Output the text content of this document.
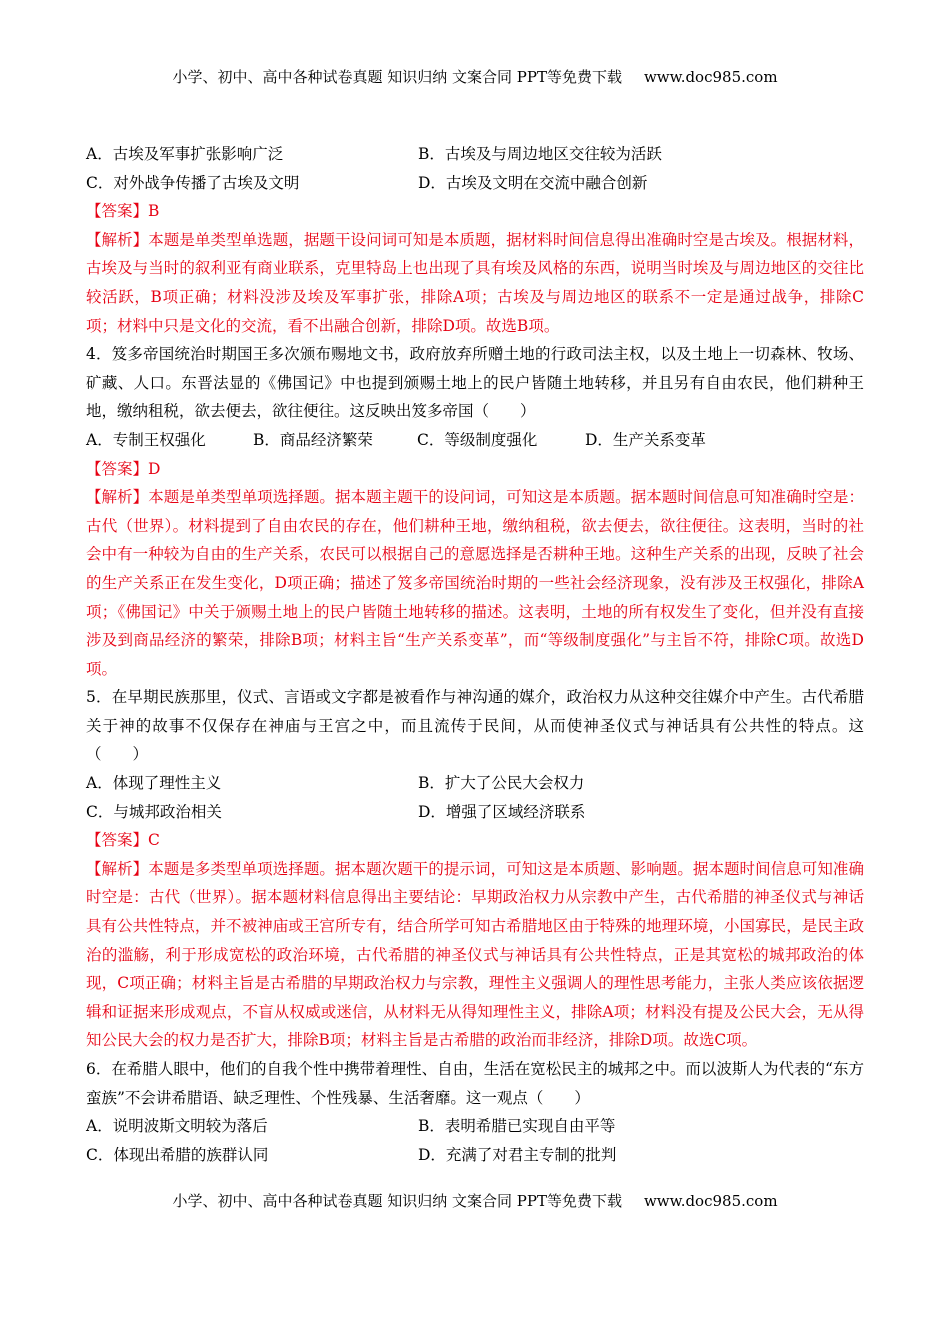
小学、初中、高中各种试卷真题 知识归纳 文案合同 PPT等免费下载 www.doc985.com
A．古埃及军事扩张影响广泛	B．古埃及与周边地区交往较为活跃
C．对外战争传播了古埃及文明	D．古埃及文明在交流中融合创新
【答案】B
【解析】本题是单类型单选题，据题干设问词可知是本质题，据材料时间信息得出准确时空是古埃及。根据材料，古埃及与当时的叙利亚有商业联系，克里特岛上也出现了具有埃及风格的东西，说明当时埃及与周边地区的交往比较活跃，B项正确；材料没涉及埃及军事扩张，排除A项；古埃及与周边地区的联系不一定是通过战争，排除C项；材料中只是文化的交流，看不出融合创新，排除D项。故选B项。
4．笈多帝国统治时期国王多次颁布赐地文书，政府放弃所赠土地的行政司法主权，以及土地上一切森林、牧场、矿藏、人口。东晋法显的《佛国记》中也提到颁赐土地上的民户皆随土地转移，并且另有自由农民，他们耕种王地，缴纳租税，欲去便去，欲往便往。这反映出笈多帝国（　　）
A．专制王权强化	B．商品经济繁荣	C．等级制度强化	D．生产关系变革
【答案】D
【解析】本题是单类型单项选择题。据本题主题干的设问词，可知这是本质题。据本题时间信息可知准确时空是：古代（世界）。材料提到了自由农民的存在，他们耕种王地，缴纳租税，欲去便去，欲往便往。这表明，当时的社会中有一种较为自由的生产关系，农民可以根据自己的意愿选择是否耕种王地。这种生产关系的出现，反映了社会的生产关系正在发生变化，D项正确；描述了笈多帝国统治时期的一些社会经济现象，没有涉及王权强化，排除A项；《佛国记》中关于颁赐土地上的民户皆随土地转移的描述。这表明，土地的所有权发生了变化，但并没有直接涉及到商品经济的繁荣，排除B项；材料主旨“生产关系变革”，而“等级制度强化”与主旨不符，排除C项。故选D项。
5．在早期民族那里，仪式、言语或文字都是被看作与神沟通的媒介，政治权力从这种交往媒介中产生。古代希腊关于神的故事不仅保存在神庙与王宫之中，而且流传于民间，从而使神圣仪式与神话具有公共性的特点。这（　　）
A．体现了理性主义	B．扩大了公民大会权力
C．与城邦政治相关	D．增强了区域经济联系
【答案】C
【解析】本题是多类型单项选择题。据本题次题干的提示词，可知这是本质题、影响题。据本题时间信息可知准确时空是：古代（世界）。据本题材料信息得出主要结论：早期政治权力从宗教中产生，古代希腊的神圣仪式与神话具有公共性特点，并不被神庙或王宫所专有，结合所学可知古希腊地区由于特殊的地理环境，小国寡民，是民主政治的滥觞，利于形成宽松的政治环境，古代希腊的神圣仪式与神话具有公共性特点，正是其宽松的城邦政治的体现，C项正确；材料主旨是古希腊的早期政治权力与宗教，理性主义强调人的理性思考能力，主张人类应该依据逻辑和证据来形成观点，不盲从权威或迷信，从材料无从得知理性主义，排除A项；材料没有提及公民大会，无从得知公民大会的权力是否扩大，排除B项；材料主旨是古希腊的政治而非经济，排除D项。故选C项。
6．在希腊人眼中，他们的自我个性中携带着理性、自由，生活在宽松民主的城邦之中。而以波斯人为代表的“东方蛮族”不会讲希腊语、缺乏理性、个性残暴、生活奢靡。这一观点（　　）
A．说明波斯文明较为落后	B．表明希腊已实现自由平等
C．体现出希腊的族群认同	D．充满了对君主专制的批判
小学、初中、高中各种试卷真题 知识归纳 文案合同 PPT等免费下载 www.doc985.com
